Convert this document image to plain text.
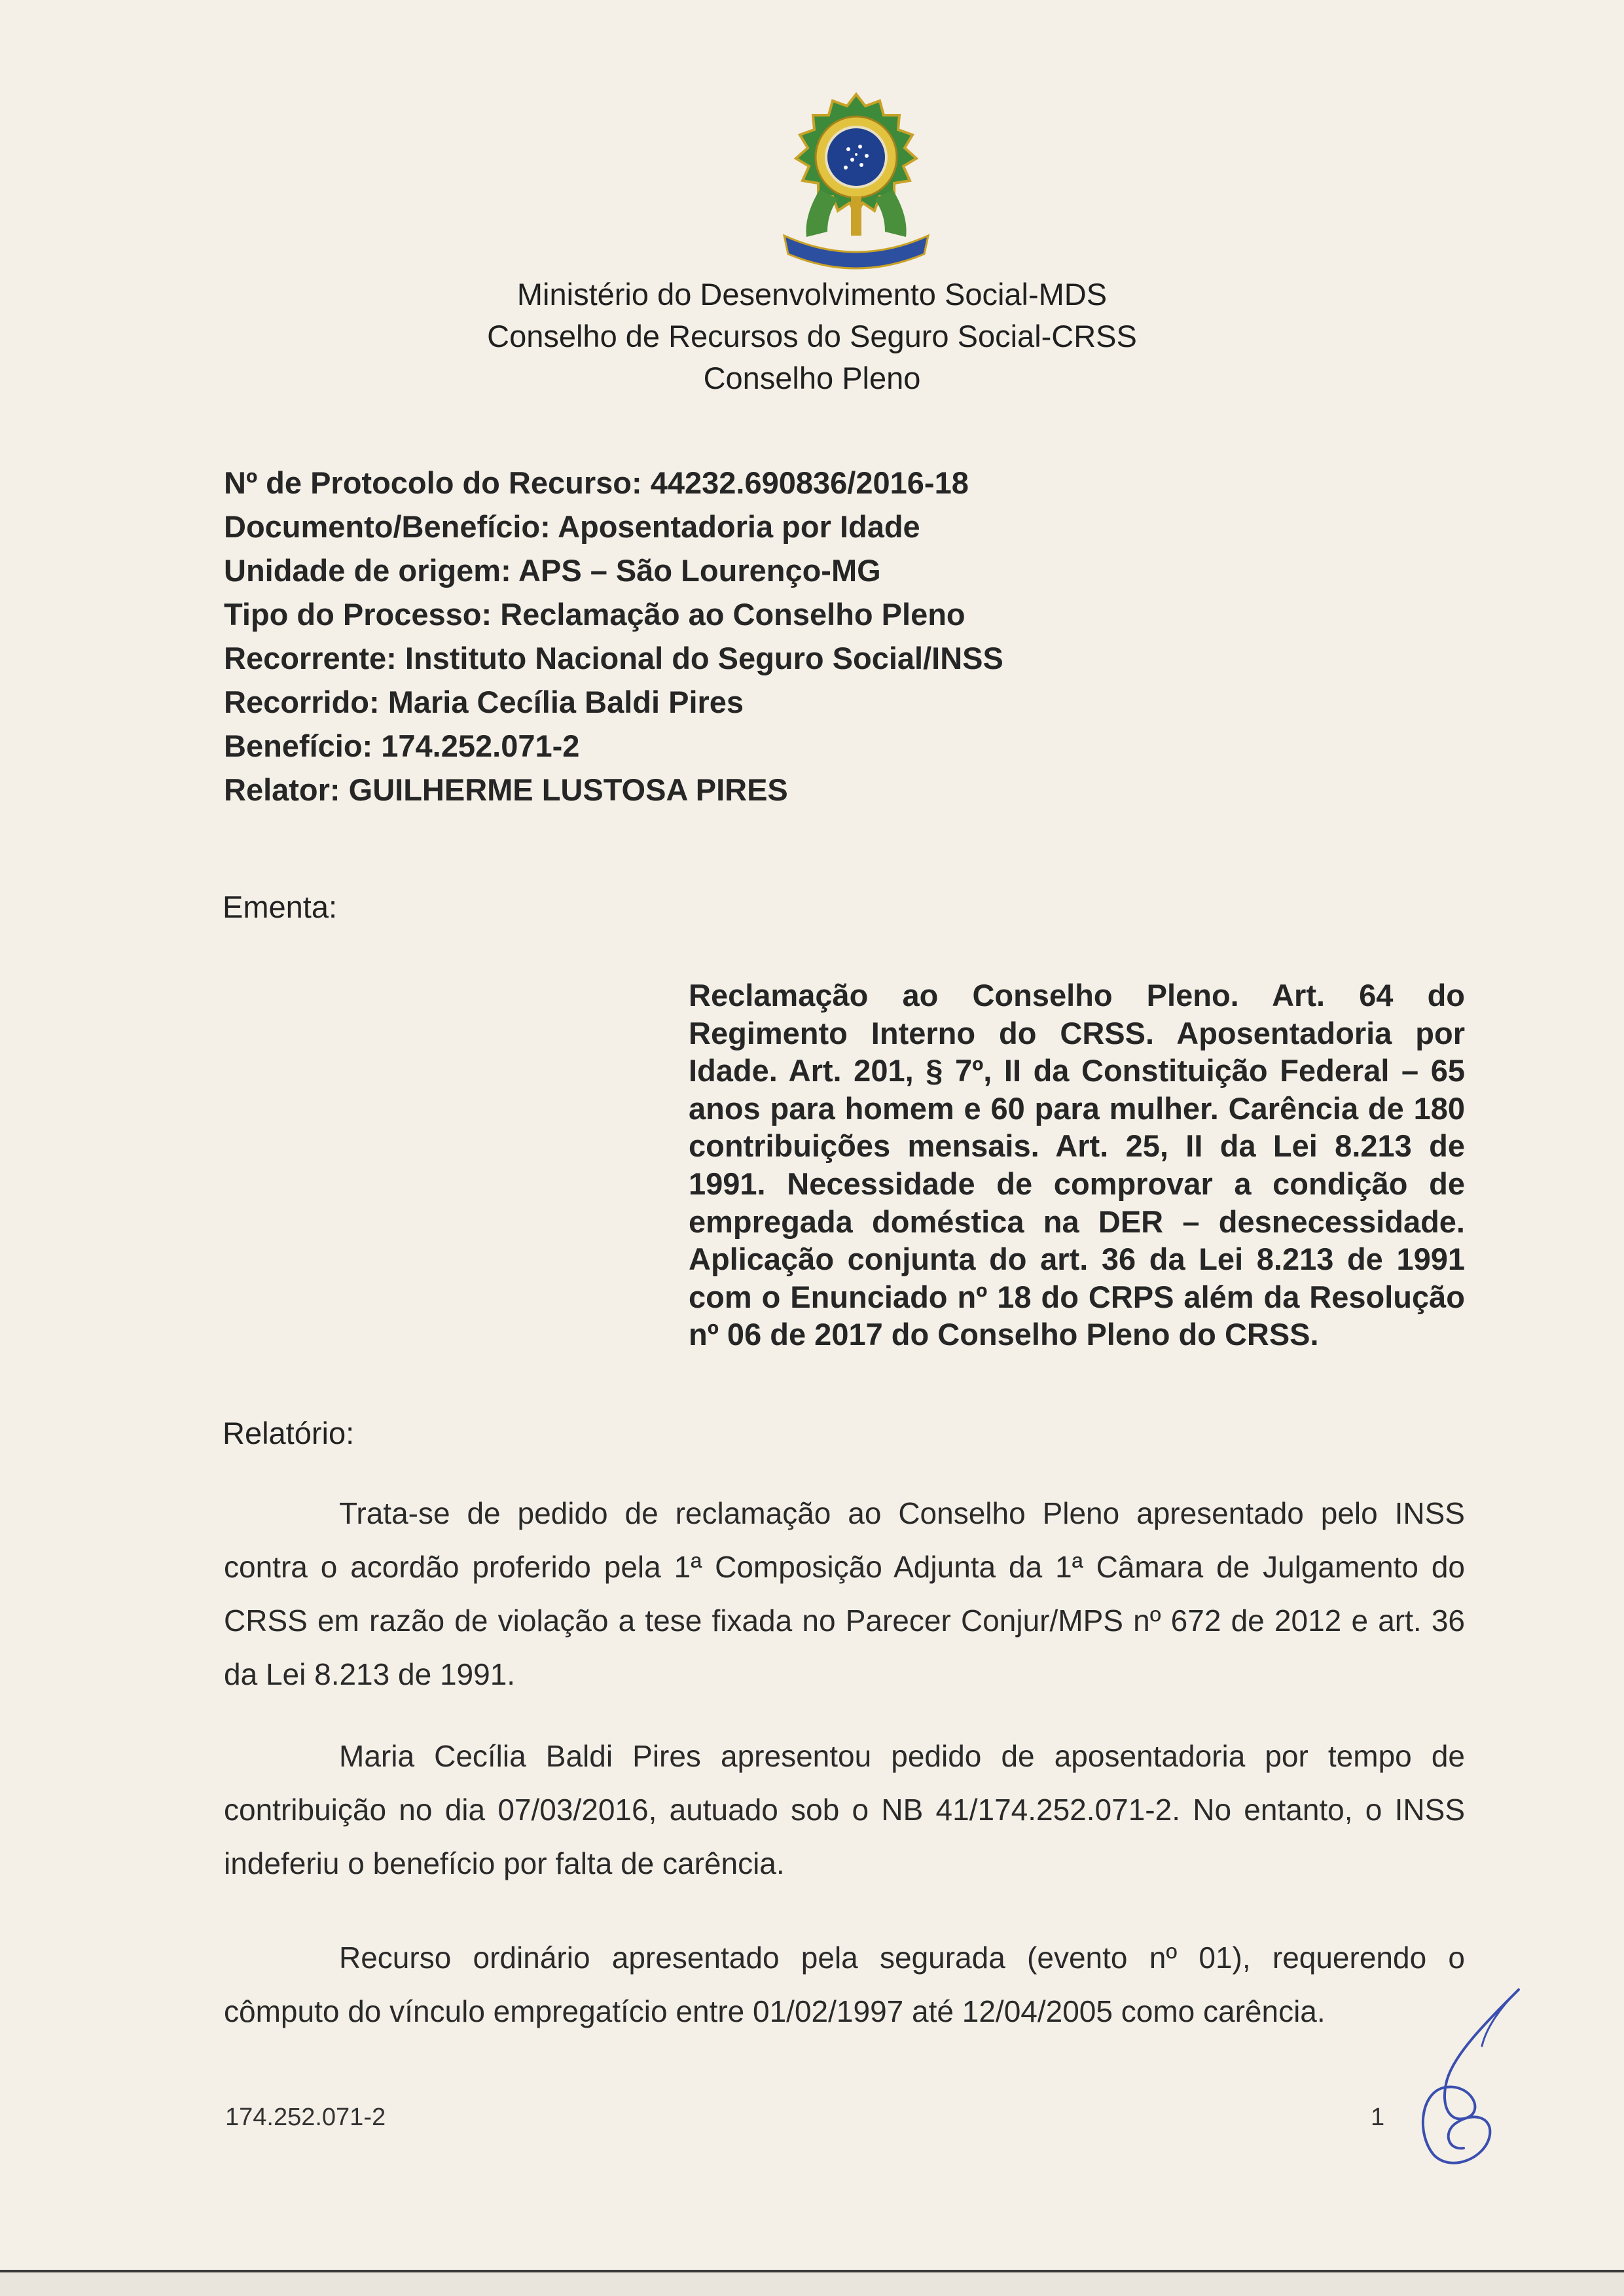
Ministério do Desenvolvimento Social-MDS
Conselho de Recursos do Seguro Social-CRSS
Conselho Pleno
Nº de Protocolo do Recurso: 44232.690836/2016-18
Documento/Benefício: Aposentadoria por Idade
Unidade de origem: APS – São Lourenço-MG
Tipo do Processo: Reclamação ao Conselho Pleno
Recorrente: Instituto Nacional do Seguro Social/INSS
Recorrido: Maria Cecília Baldi Pires
Benefício: 174.252.071-2
Relator: GUILHERME LUSTOSA PIRES
Ementa:
Reclamação ao Conselho Pleno. Art. 64 do Regimento Interno do CRSS. Aposentadoria por Idade. Art. 201, § 7º, II da Constituição Federal – 65 anos para homem e 60 para mulher. Carência de 180 contribuições mensais. Art. 25, II da Lei 8.213 de 1991. Necessidade de comprovar a condição de empregada doméstica na DER – desnecessidade. Aplicação conjunta do art. 36 da Lei 8.213 de 1991 com o Enunciado nº 18 do CRPS além da Resolução nº 06 de 2017 do Conselho Pleno do CRSS.
Relatório:
Trata-se de pedido de reclamação ao Conselho Pleno apresentado pelo INSS contra o acordão proferido pela 1ª Composição Adjunta da 1ª Câmara de Julgamento do CRSS em razão de violação a tese fixada no Parecer Conjur/MPS nº 672 de 2012 e art. 36 da Lei 8.213 de 1991.
Maria Cecília Baldi Pires apresentou pedido de aposentadoria por tempo de contribuição no dia 07/03/2016, autuado sob o NB 41/174.252.071-2. No entanto, o INSS indeferiu o benefício por falta de carência.
Recurso ordinário apresentado pela segurada (evento nº 01), requerendo o cômputo do vínculo empregatício entre 01/02/1997 até 12/04/2005 como carência.
174.252.071-2	1
